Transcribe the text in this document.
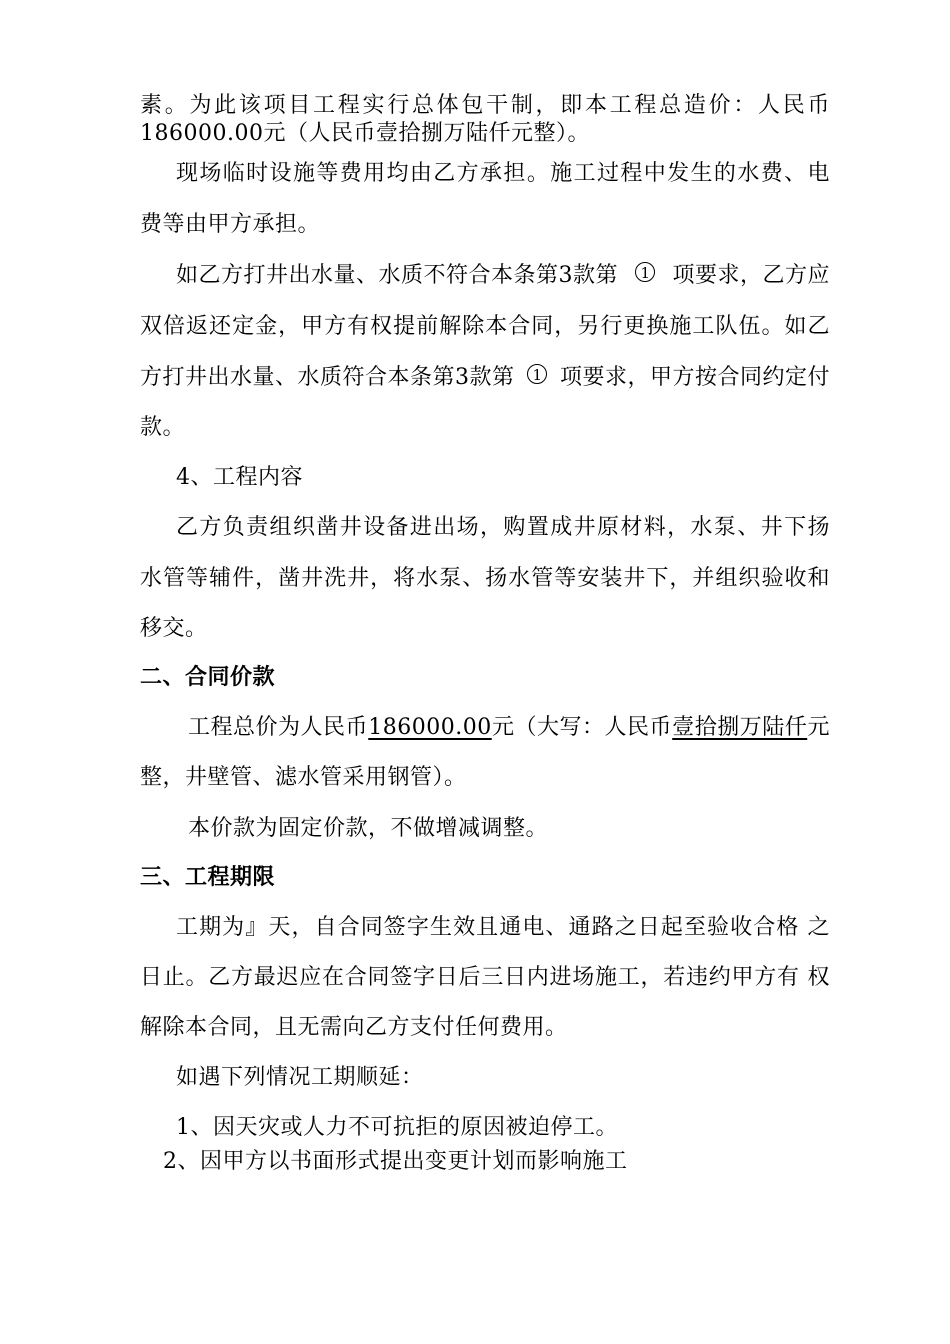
素。为此该项目工程实行总体包干制，即本工程总造价：人民币
186000.00元（人民币壹拾捌万陆仟元整）。
现场临时设施等费用均由乙方承担。施工过程中发生的水费、电
费等由甲方承担。
如乙方打井出水量、水质不符合本条第3款第	1 项要求，乙方应
双倍返还定金，甲方有权提前解除本合同，另行更换施工队伍。如乙
方打井出水量、水质符合本条第3款第	1 项要求，甲方按合同约定付
款。
4、工程内容
乙方负责组织凿井设备进出场，购置成井原材料，水泵、井下扬
水管等辅件，凿井洗井，将水泵、扬水管等安装井下，并组织验收和
移交。
二、合同价款
工程总价为人民币 186000.00 元（大写：人民币 壹拾捌万陆仟 元
整，井壁管、滤水管采用钢管）。
本价款为固定价款，不做增减调整。
三、工程期限
工期为』天，自合同签字生效且通电、通路之日起至验收合格 之
日止。乙方最迟应在合同签字日后三日内进场施工，若违约甲方有 权
解除本合同，且无需向乙方支付任何费用。
如遇下列情况工期顺延：
1、因天灾或人力不可抗拒的原因被迫停工。
2、因甲方以书面形式提出变更计划而影响施工
